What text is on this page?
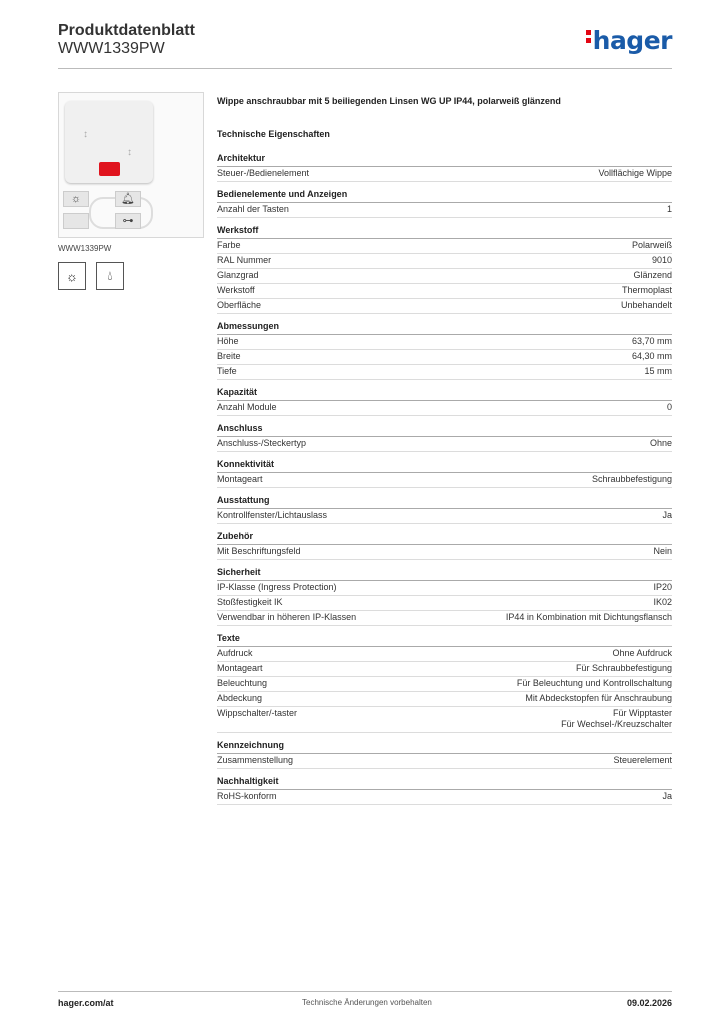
Produktdatenblatt
WWW1339PW	hager
↕
↕
☼	🔔︎
⊶
WWW1339PW
☼	💧︎
Wippe anschraubbar mit 5 beiliegenden Linsen WG UP IP44, polarweiß glänzend
Technische Eigenschaften
Architektur
Steuer-/Bedienelement	Vollflächige Wippe
Bedienelemente und Anzeigen
Anzahl der Tasten	1
Werkstoff
Farbe	Polarweiß
RAL Nummer	9010
Glanzgrad	Glänzend
Werkstoff	Thermoplast
Oberfläche	Unbehandelt
Abmessungen
Höhe	63,70 mm
Breite	64,30 mm
Tiefe	15 mm
Kapazität
Anzahl Module	0
Anschluss
Anschluss-/Steckertyp	Ohne
Konnektivität
Montageart	Schraubbefestigung
Ausstattung
Kontrollfenster/Lichtauslass	Ja
Zubehör
Mit Beschriftungsfeld	Nein
Sicherheit
IP-Klasse (Ingress Protection)	IP20
Stoßfestigkeit IK	IK02
Verwendbar in höheren IP-Klassen	IP44 in Kombination mit Dichtungsflansch
Texte
Aufdruck	Ohne Aufdruck
Montageart	Für Schraubbefestigung
Beleuchtung	Für Beleuchtung und Kontrollschaltung
Abdeckung	Mit Abdeckstopfen für Anschraubung
Wippschalter/-taster	Für Wipptaster
Für Wechsel-/Kreuzschalter
Kennzeichnung
Zusammenstellung	Steuerelement
Nachhaltigkeit
RoHS-konform	Ja
hager.com/at	Technische Änderungen vorbehalten	09.02.2026
